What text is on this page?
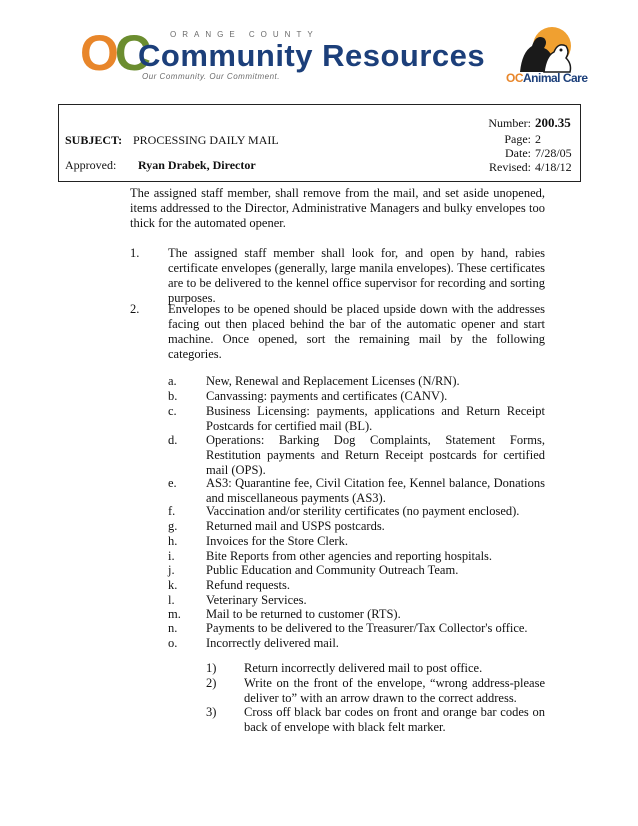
OC	ORANGE COUNTY
Community Resources
Our Community. Our Commitment.	OCAnimal Care
SUBJECT: PROCESSING DAILY MAIL
Approved: Ryan Drabek, Director
Number: 200.35
Page: 2
Date: 7/28/05
Revised: 4/18/12
The assigned staff member, shall remove from the mail, and set aside unopened, items addressed to the Director, Administrative Managers and bulky envelopes too thick for the automated opener.
1. The assigned staff member shall look for, and open by hand, rabies certificate envelopes (generally, large manila envelopes). These certificates are to be delivered to the kennel office supervisor for recording and sorting purposes.
2. Envelopes to be opened should be placed upside down with the addresses facing out then placed behind the bar of the automatic opener and start machine. Once opened, sort the remaining mail by the following categories.
a. New, Renewal and Replacement Licenses (N/RN).
b. Canvassing: payments and certificates (CANV).
c. Business Licensing: payments, applications and Return Receipt Postcards for certified mail (BL).
d. Operations: Barking Dog Complaints, Statement Forms, Restitution payments and Return Receipt postcards for certified mail (OPS).
e. AS3: Quarantine fee, Civil Citation fee, Kennel balance, Donations and miscellaneous payments (AS3).
f. Vaccination and/or sterility certificates (no payment enclosed).
g. Returned mail and USPS postcards.
h. Invoices for the Store Clerk.
i.	Bite Reports from other agencies and reporting hospitals.
j.	Public Education and Community Outreach Team.
k. Refund requests.
l.	Veterinary Services.
m. Mail to be returned to customer (RTS).
n. Payments to be delivered to the Treasurer/Tax Collector's office.
o. Incorrectly delivered mail.
1) Return incorrectly delivered mail to post office.
2) Write on the front of the envelope, “wrong address-please deliver to” with an arrow drawn to the correct address.
3) Cross off black bar codes on front and orange bar codes on back of envelope with black felt marker.
